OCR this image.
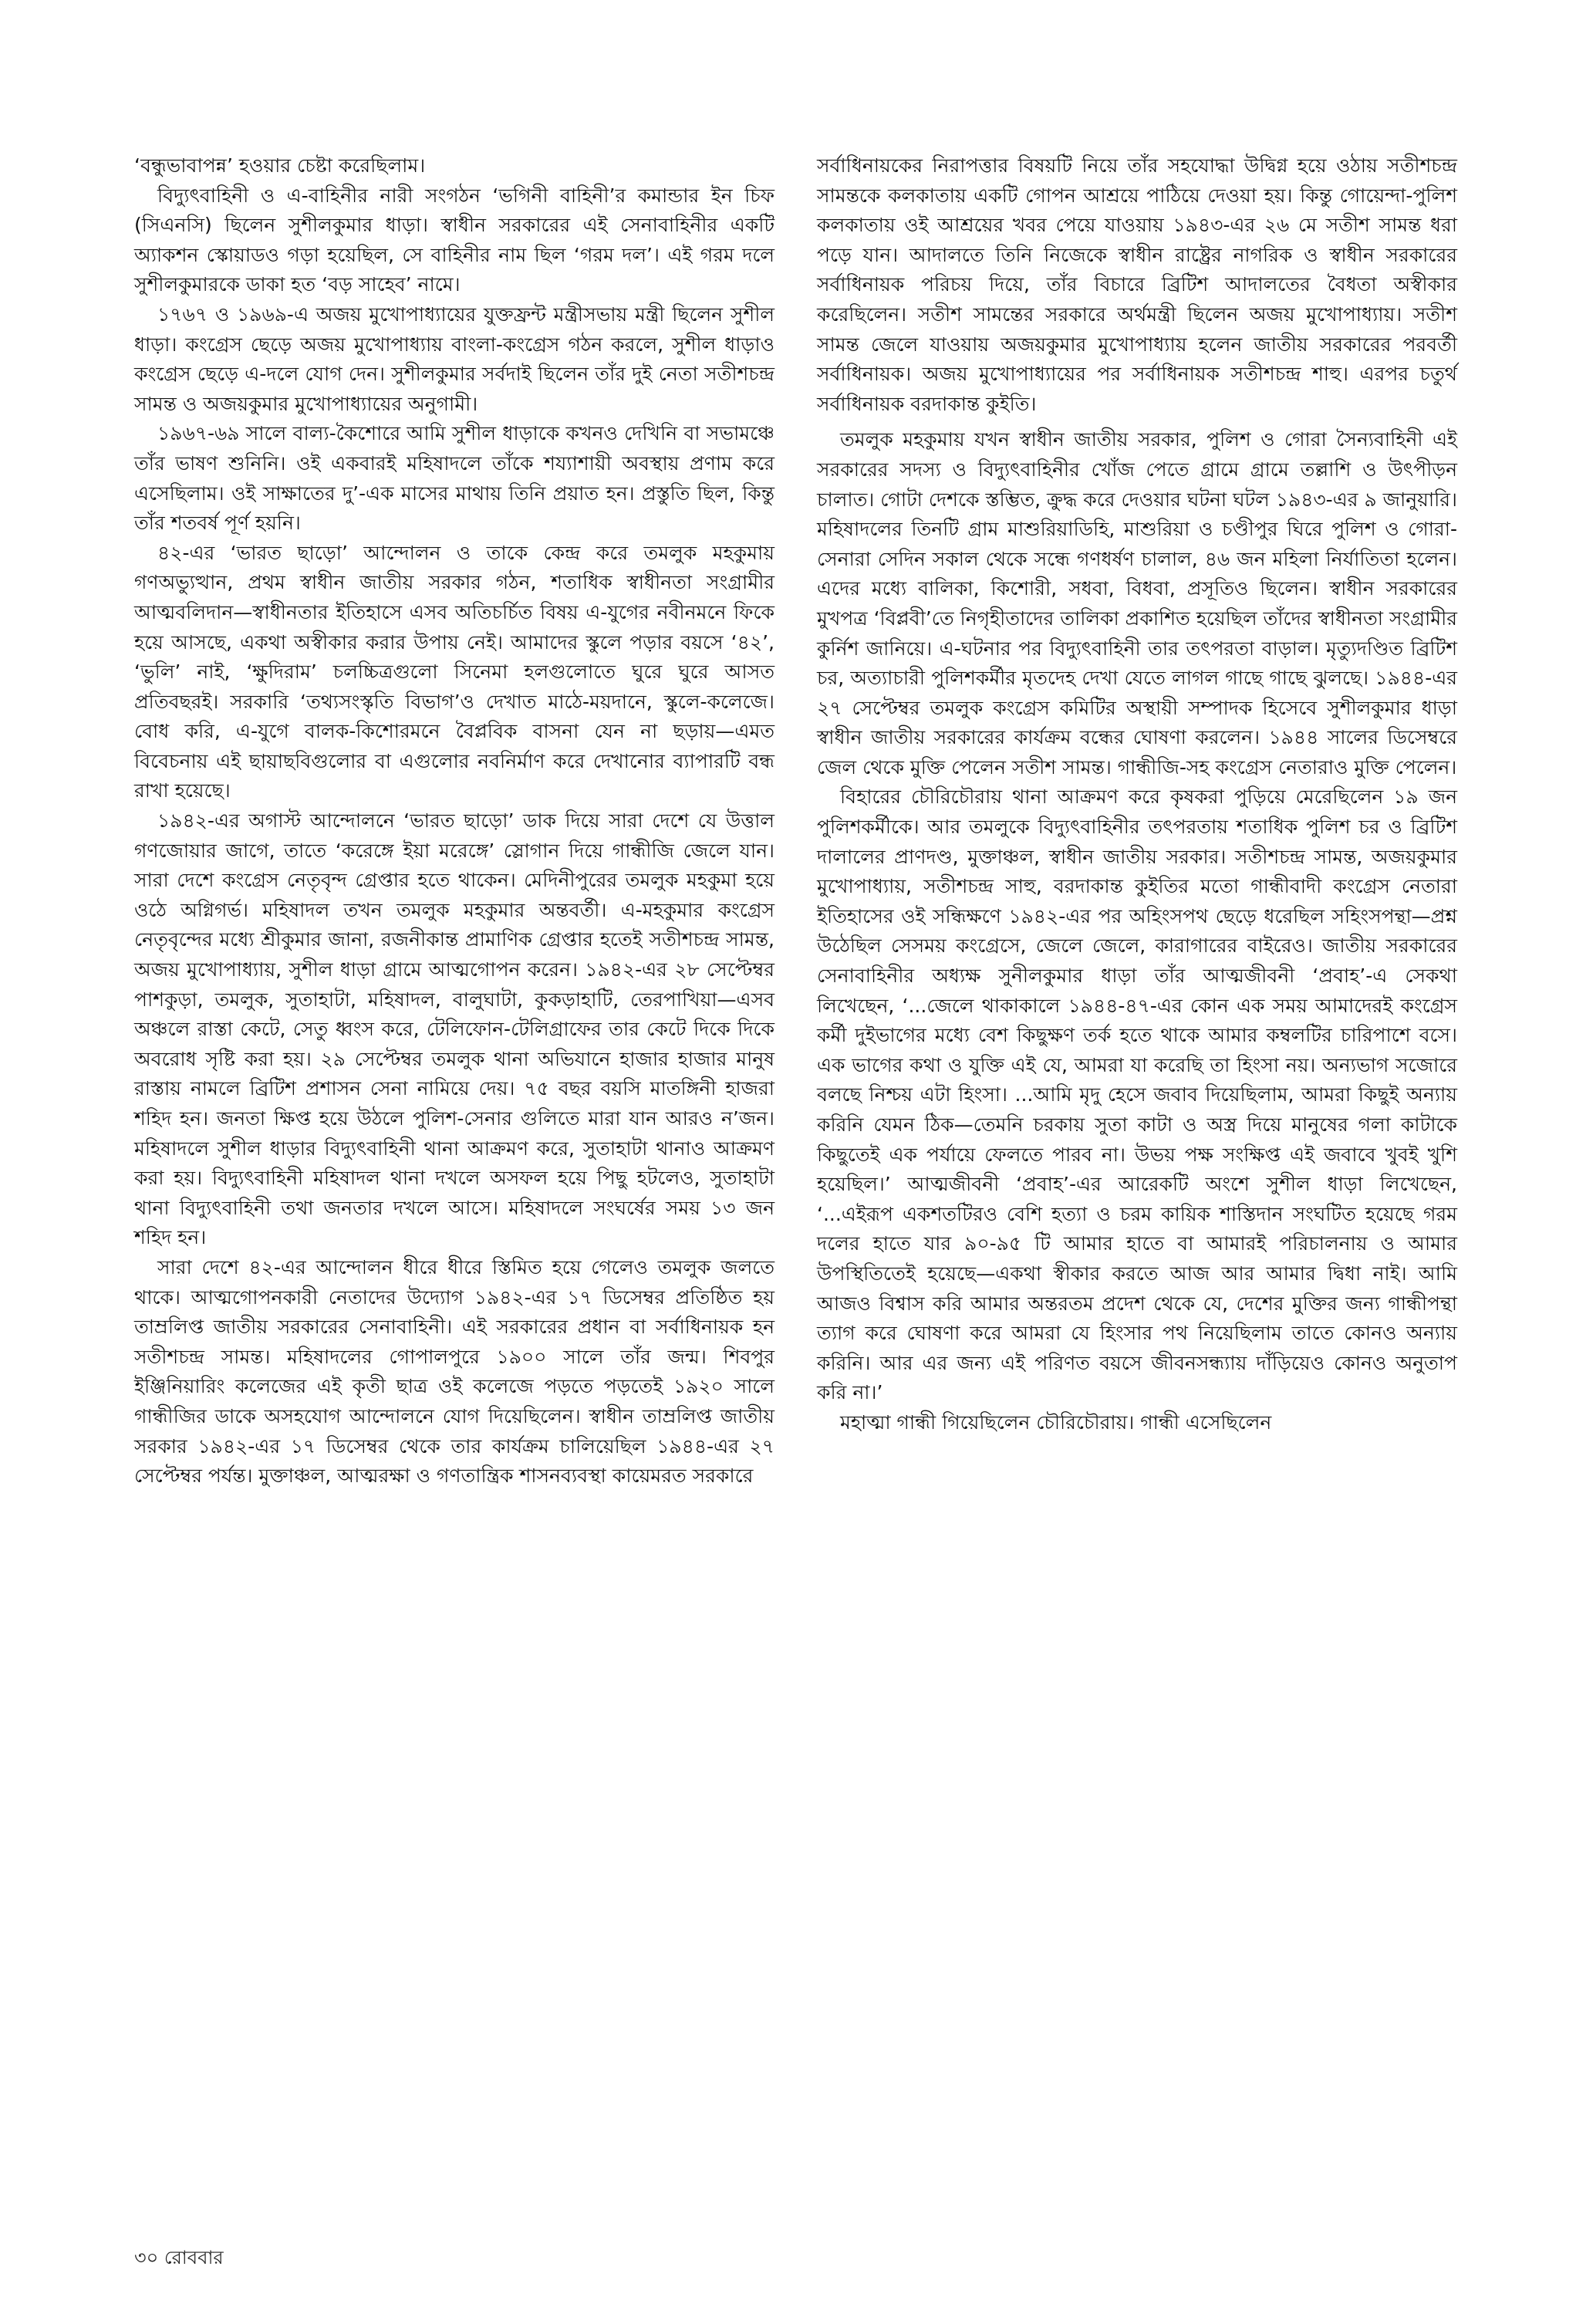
‘বন্ধুভাবাপন্ন’ হওয়ার চেষ্টা করেছিলাম।

বিদ্যুৎবাহিনী ও এ-বাহিনীর নারী সংগঠন ‘ভগিনী বাহিনী’র কমান্ডার ইন চিফ (সিএনসি) ছিলেন সুশীলকুমার ধাড়া। স্বাধীন সরকারের এই সেনাবাহিনীর একটি অ্যাকশন স্কোয়াডও গড়া হয়েছিল, সে বাহিনীর নাম ছিল ‘গরম দল’। এই গরম দলে সুশীলকুমারকে ডাকা হত ‘বড় সাহেব’ নামে।

১৭৬৭ ও ১৯৬৯-এ অজয় মুখোপাধ্যায়ের যুক্তফ্রন্ট মন্ত্রীসভায় মন্ত্রী ছিলেন সুশীল ধাড়া। কংগ্রেস ছেড়ে অজয় মুখোপাধ্যায় বাংলা-কংগ্রেস গঠন করলে, সুশীল ধাড়াও কংগ্রেস ছেড়ে এ-দলে যোগ দেন। সুশীলকুমার সর্বদাই ছিলেন তাঁর দুই নেতা সতীশচন্দ্র সামন্ত ও অজয়কুমার মুখোপাধ্যায়ের অনুগামী।

১৯৬৭-৬৯ সালে বাল্য-কৈশোরে আমি সুশীল ধাড়াকে কখনও দেখিনি বা সভামঞ্চে তাঁর ভাষণ শুনিনি। ওই একবারই মহিষাদলে তাঁকে শয্যাশায়ী অবস্থায় প্রণাম করে এসেছিলাম। ওই সাক্ষাতের দু’-এক মাসের মাথায় তিনি প্রয়াত হন। প্রস্তুতি ছিল, কিন্তু তাঁর শতবর্ষ পূর্ণ হয়নি।

৪২-এর ‘ভারত ছাড়ো’ আন্দোলন ও তাকে কেন্দ্র করে তমলুক মহকুমায় গণঅভ্যুত্থান, প্রথম স্বাধীন জাতীয় সরকার গঠন, শতাধিক স্বাধীনতা সংগ্রামীর আত্মবলিদান—স্বাধীনতার ইতিহাসে এসব অতিচর্চিত বিষয় এ-যুগের নবীনমনে ফিকে হয়ে আসছে, একথা অস্বীকার করার উপায় নেই। আমাদের স্কুলে পড়ার বয়সে ‘৪২’, ‘ভুলি’ নাই, ‘ক্ষুদিরাম’ চলচ্চিত্রগুলো সিনেমা হলগুলোতে ঘুরে ঘুরে আসত প্রতিবছরই। সরকারি ‘তথ্যসংস্কৃতি বিভাগ’ও দেখাত মাঠে-ময়দানে, স্কুলে-কলেজে। বোধ করি, এ-যুগে বালক-কিশোরমনে বৈপ্লবিক বাসনা যেন না ছড়ায়—এমত বিবেচনায় এই ছায়াছবিগুলোর বা এগুলোর নবনির্মাণ করে দেখানোর ব্যাপারটি বন্ধ রাখা হয়েছে।

১৯৪২-এর অগাস্ট আন্দোলনে ‘ভারত ছাড়ো’ ডাক দিয়ে সারা দেশে যে উত্তাল গণজোয়ার জাগে, তাতে ‘করেঙ্গে ইয়া মরেঙ্গে’ স্লোগান দিয়ে গান্ধীজি জেলে যান। সারা দেশে কংগ্রেস নেতৃবৃন্দ গ্রেপ্তার হতে থাকেন। মেদিনীপুরের তমলুক মহকুমা হয়ে ওঠে অগ্নিগর্ভ। মহিষাদল তখন তমলুক মহকুমার অন্তবর্তী। এ-মহকুমার কংগ্রেস নেতৃবৃন্দের মধ্যে শ্রীকুমার জানা, রজনীকান্ত প্রামাণিক গ্রেপ্তার হতেই সতীশচন্দ্র সামন্ত, অজয় মুখোপাধ্যায়, সুশীল ধাড়া গ্রামে আত্মগোপন করেন। ১৯৪২-এর ২৮ সেপ্টেম্বর পাশকুড়া, তমলুক, সুতাহাটা, মহিষাদল, বালুঘাটা, কুকড়াহাটি, তেরপাখিয়া—এসব অঞ্চলে রাস্তা কেটে, সেতু ধ্বংস করে, টেলিফোন-টেলিগ্রাফের তার কেটে দিকে দিকে অবরোধ সৃষ্টি করা হয়। ২৯ সেপ্টেম্বর তমলুক থানা অভিযানে হাজার হাজার মানুষ রাস্তায় নামলে ব্রিটিশ প্রশাসন সেনা নামিয়ে দেয়। ৭৫ বছর বয়সি মাতঙ্গিনী হাজরা শহিদ হন। জনতা ক্ষিপ্ত হয়ে উঠলে পুলিশ-সেনার গুলিতে মারা যান আরও ন’জন। মহিষাদলে সুশীল ধাড়ার বিদ্যুৎবাহিনী থানা আক্রমণ করে, সুতাহাটা থানাও আক্রমণ করা হয়। বিদ্যুৎবাহিনী মহিষাদল থানা দখলে অসফল হয়ে পিছু হটলেও, সুতাহাটা থানা বিদ্যুৎবাহিনী তথা জনতার দখলে আসে। মহিষাদলে সংঘর্ষের সময় ১৩ জন শহিদ হন।

সারা দেশে ৪২-এর আন্দোলন ধীরে ধীরে স্তিমিত হয়ে গেলেও তমলুক জলতে থাকে। আত্মগোপনকারী নেতাদের উদ্যোগ ১৯৪২-এর ১৭ ডিসেম্বর প্রতিষ্ঠিত হয় তাম্রলিপ্ত জাতীয় সরকারের সেনাবাহিনী। এই সরকারের প্রধান বা সর্বাধিনায়ক হন সতীশচন্দ্র সামন্ত। মহিষাদলের গোপালপুরে ১৯০০ সালে তাঁর জন্ম। শিবপুর ইঞ্জিনিয়ারিং কলেজের এই কৃতী ছাত্র ওই কলেজে পড়তে পড়তেই ১৯২০ সালে গান্ধীজির ডাকে অসহযোগ আন্দোলনে যোগ দিয়েছিলেন। স্বাধীন তাম্রলিপ্ত জাতীয় সরকার ১৯৪২-এর ১৭ ডিসেম্বর থেকে তার কার্যক্রম চালিয়েছিল ১৯৪৪-এর ২৭ সেপ্টেম্বর পর্যন্ত। মুক্তাঞ্চল, আত্মরক্ষা ও গণতান্ত্রিক শাসনব্যবস্থা কায়েমরত সরকারে

সর্বাধিনায়কের নিরাপত্তার বিষয়টি নিয়ে তাঁর সহযোদ্ধা উদ্বিগ্ন হয়ে ওঠায় সতীশচন্দ্র সামন্তকে কলকাতায় একটি গোপন আশ্রয়ে পাঠিয়ে দেওয়া হয়। কিন্তু গোয়েন্দা-পুলিশ কলকাতায় ওই আশ্রয়ের খবর পেয়ে যাওয়ায় ১৯৪৩-এর ২৬ মে সতীশ সামন্ত ধরা পড়ে যান। আদালতে তিনি নিজেকে স্বাধীন রাষ্ট্রের নাগরিক ও স্বাধীন সরকারের সর্বাধিনায়ক পরিচয় দিয়ে, তাঁর বিচারে ব্রিটিশ আদালতের বৈধতা অস্বীকার করেছিলেন। সতীশ সামন্তের সরকারে অর্থমন্ত্রী ছিলেন অজয় মুখোপাধ্যায়। সতীশ সামন্ত জেলে যাওয়ায় অজয়কুমার মুখোপাধ্যায় হলেন জাতীয় সরকারের পরবর্তী সর্বাধিনায়ক। অজয় মুখোপাধ্যায়ের পর সর্বাধিনায়ক সতীশচন্দ্র শাহু। এরপর চতুর্থ সর্বাধিনায়ক বরদাকান্ত কুইতি।

তমলুক মহকুমায় যখন স্বাধীন জাতীয় সরকার, পুলিশ ও গোরা সৈন্যবাহিনী এই সরকারের সদস্য ও বিদ্যুৎবাহিনীর খোঁজ পেতে গ্রামে গ্রামে তল্লাশি ও উৎপীড়ন চালাত। গোটা দেশকে স্তম্ভিত, ক্রুদ্ধ করে দেওয়ার ঘটনা ঘটল ১৯৪৩-এর ৯ জানুয়ারি। মহিষাদলের তিনটি গ্রাম মাশুরিয়াডিহি, মাশুরিয়া ও চণ্ডীপুর ঘিরে পুলিশ ও গোরা-সেনারা সেদিন সকাল থেকে সন্ধে গণধর্ষণ চালাল, ৪৬ জন মহিলা নির্যাতিতা হলেন। এদের মধ্যে বালিকা, কিশোরী, সধবা, বিধবা, প্রসূতিও ছিলেন। স্বাধীন সরকারের মুখপত্র ‘বিপ্লবী’তে নিগৃহীতাদের তালিকা প্রকাশিত হয়েছিল তাঁদের স্বাধীনতা সংগ্রামীর কুর্নিশ জানিয়ে। এ-ঘটনার পর বিদ্যুৎবাহিনী তার তৎপরতা বাড়াল। মৃত্যুদণ্ডিত ব্রিটিশ চর, অত্যাচারী পুলিশকর্মীর মৃতদেহ দেখা যেতে লাগল গাছে গাছে ঝুলছে। ১৯৪৪-এর ২৭ সেপ্টেম্বর তমলুক কংগ্রেস কমিটির অস্থায়ী সম্পাদক হিসেবে সুশীলকুমার ধাড়া স্বাধীন জাতীয় সরকারের কার্যক্রম বন্ধের ঘোষণা করলেন। ১৯৪৪ সালের ডিসেম্বরে জেল থেকে মুক্তি পেলেন সতীশ সামন্ত। গান্ধীজি-সহ কংগ্রেস নেতারাও মুক্তি পেলেন।

বিহারের চৌরিচৌরায় থানা আক্রমণ করে কৃষকরা পুড়িয়ে মেরেছিলেন ১৯ জন পুলিশকর্মীকে। আর তমলুকে বিদ্যুৎবাহিনীর তৎপরতায় শতাধিক পুলিশ চর ও ব্রিটিশ দালালের প্রাণদণ্ড, মুক্তাঞ্চল, স্বাধীন জাতীয় সরকার। সতীশচন্দ্র সামন্ত, অজয়কুমার মুখোপাধ্যায়, সতীশচন্দ্র সাহু, বরদাকান্ত কুইতির মতো গান্ধীবাদী কংগ্রেস নেতারা ইতিহাসের ওই সন্ধিক্ষণে ১৯৪২-এর পর অহিংসপথ ছেড়ে ধরেছিল সহিংসপন্থা—প্রশ্ন উঠেছিল সেসময় কংগ্রেসে, জেলে জেলে, কারাগারের বাইরেও। জাতীয় সরকারের সেনাবাহিনীর অধ্যক্ষ সুনীলকুমার ধাড়া তাঁর আত্মজীবনী ‘প্রবাহ’-এ সেকথা লিখেছেন, ‘...জেলে থাকাকালে ১৯৪৪-৪৭-এর কোন এক সময় আমাদেরই কংগ্রেস কর্মী দুইভাগের মধ্যে বেশ কিছুক্ষণ তর্ক হতে থাকে আমার কম্বলটির চারিপাশে বসে। এক ভাগের কথা ও যুক্তি এই যে, আমরা যা করেছি তা হিংসা নয়। অন্যভাগ সজোরে বলছে নিশ্চয় এটা হিংসা। ...আমি মৃদু হেসে জবাব দিয়েছিলাম, আমরা কিছুই অন্যায় করিনি যেমন ঠিক—তেমনি চরকায় সুতা কাটা ও অস্ত্র দিয়ে মানুষের গলা কাটাকে কিছুতেই এক পর্যায়ে ফেলতে পারব না। উভয় পক্ষ সংক্ষিপ্ত এই জবাবে খুবই খুশি হয়েছিল।’ আত্মজীবনী ‘প্রবাহ’-এর আরেকটি অংশে সুশীল ধাড়া লিখেছেন, ‘...এইরূপ একশতটিরও বেশি হত্যা ও চরম কায়িক শাস্তিদান সংঘটিত হয়েছে গরম দলের হাতে যার ৯০-৯৫ টি আমার হাতে বা আমারই পরিচালনায় ও আমার উপস্থিতিতেই হয়েছে—একথা স্বীকার করতে আজ আর আমার দ্বিধা নাই। আমি আজও বিশ্বাস করি আমার অন্তরতম প্রদেশ থেকে যে, দেশের মুক্তির জন্য গান্ধীপন্থা ত্যাগ করে ঘোষণা করে আমরা যে হিংসার পথ নিয়েছিলাম তাতে কোনও অন্যায় করিনি। আর এর জন্য এই পরিণত বয়সে জীবনসন্ধ্যায় দাঁড়িয়েও কোনও অনুতাপ করি না।’

মহাত্মা গান্ধী গিয়েছিলেন চৌরিচৌরায়। গান্ধী এসেছিলেন

৩০ রোববার
